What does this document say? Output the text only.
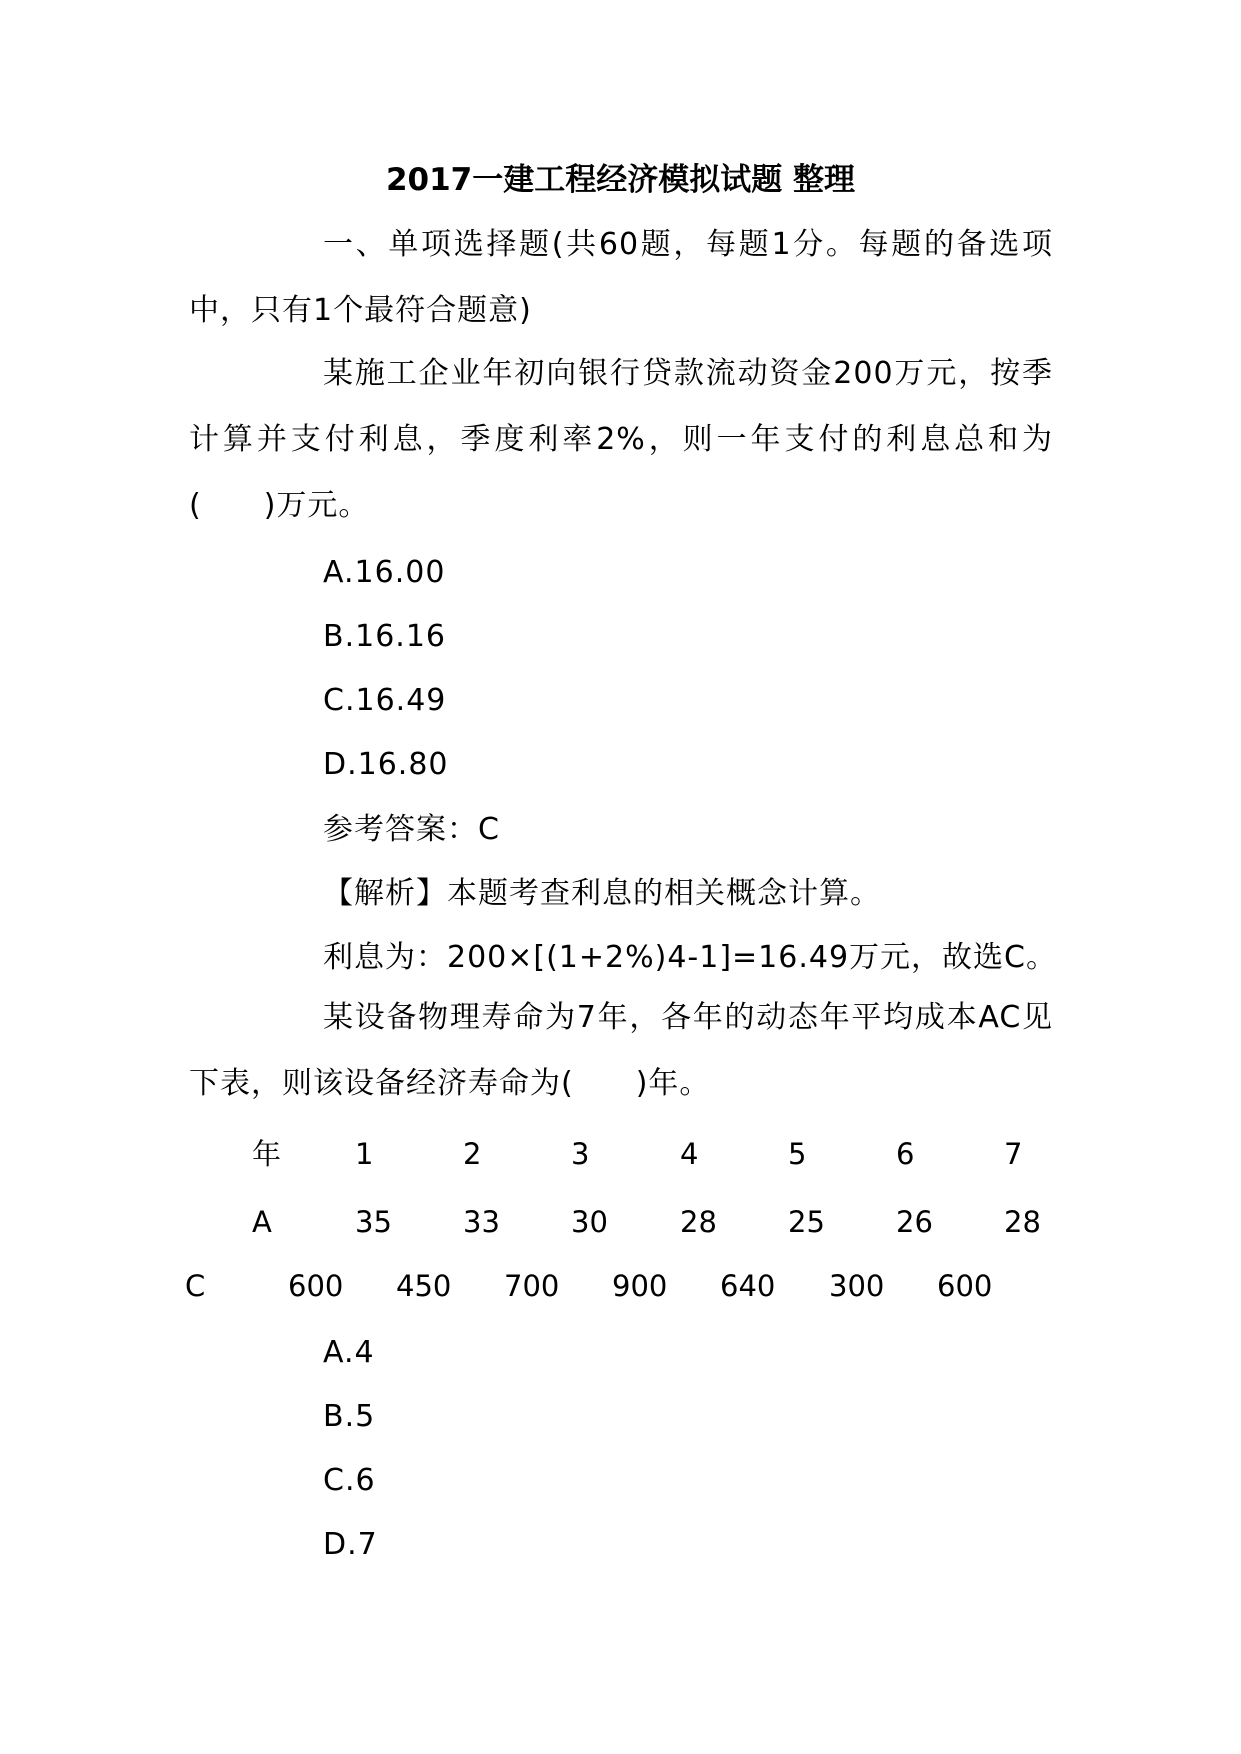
2017一建工程经济模拟试题 整理
一、单项选择题(共60题，每题1分。每题的备选项中，只有1个最符合题意)
某施工企业年初向银行贷款流动资金200万元，按季计算并支付利息，季度利率2%，则一年支付的利息总和为(　　)万元。
A.16.00
B.16.16
C.16.49
D.16.80
参考答案：C
【解析】本题考查利息的相关概念计算。
利息为：200×[(1+2%)4-1]=16.49万元，故选C。
某设备物理寿命为7年，各年的动态年平均成本AC见下表，则该设备经济寿命为(　　)年。
年	1	2	3	4	5	6	7
A	35 33 30 28 25 26 28
C	600 450 700 900 640 300 600
A.4
B.5
C.6
D.7
